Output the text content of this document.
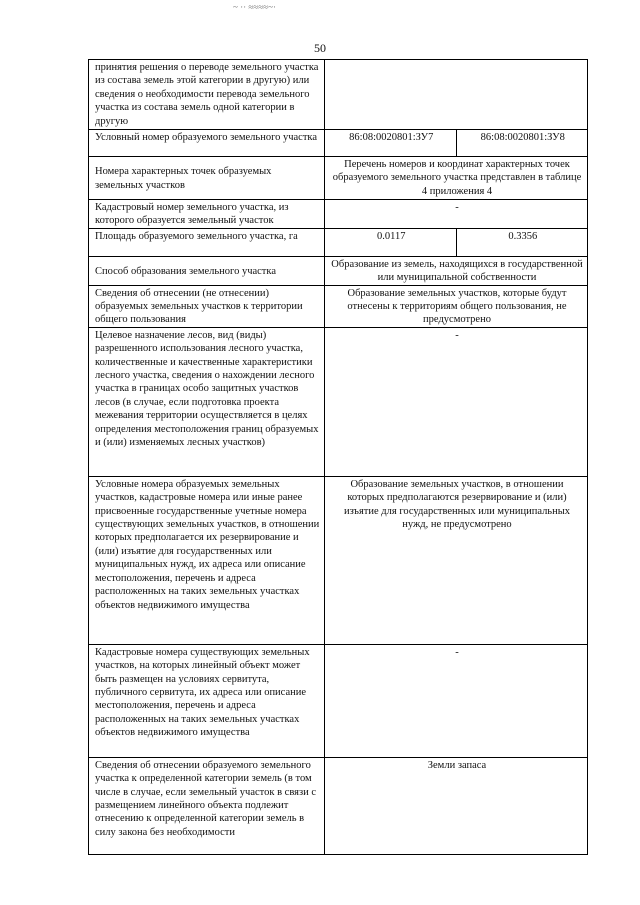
~ ·· ≈≈≈≈~·
50
принятия решения о переводе земельного участка из состава земель этой категории в другую) или сведения о необходимости перевода земельного участка из состава земель одной категории в другую		
Условный номер образуемого земельного участка	86:08:0020801:ЗУ7	86:08:0020801:ЗУ8
Номера характерных точек образуемых земельных участков	Перечень номеров и координат характерных точек образуемого земельного участка представлен в таблице 4 приложения 4	
Кадастровый номер земельного участка, из которого образуется земельный участок	-	
Площадь образуемого земельного участка, га	0.0117	0.3356
Способ образования земельного участка	Образование из земель, находящихся в государственной или муниципальной собственности	
Сведения об отнесении (не отнесении) образуемых земельных участков к территории общего пользования	Образование земельных участков, которые будут отнесены к территориям общего пользования, не предусмотрено	
Целевое назначение лесов, вид (виды) разрешенного использования лесного участка, количественные и качественные характеристики лесного участка, сведения о нахождении лесного участка в границах особо защитных участков лесов (в случае, если подготовка проекта межевания территории осуществляется в целях определения местоположения границ образуемых и (или) изменяемых лесных участков)	-	
Условные номера образуемых земельных участков, кадастровые номера или иные ранее присвоенные государственные учетные номера существующих земельных участков, в отношении которых предполагается их резервирование и (или) изъятие для государственных или муниципальных нужд, их адреса или описание местоположения, перечень и адреса расположенных на таких земельных участках объектов недвижимого имущества	Образование земельных участков, в отношении которых предполагаются резервирование и (или) изъятие для государственных или муниципальных нужд, не предусмотрено	
Кадастровые номера существующих земельных участков, на которых линейный объект может быть размещен на условиях сервитута, публичного сервитута, их адреса или описание местоположения, перечень и адреса расположенных на таких земельных участках объектов недвижимого имущества	-	
Сведения об отнесении образуемого земельного участка к определенной категории земель (в том числе в случае, если земельный участок в связи с размещением линейного объекта подлежит отнесению к определенной категории земель в силу закона без необходимости	Земли запаса	
